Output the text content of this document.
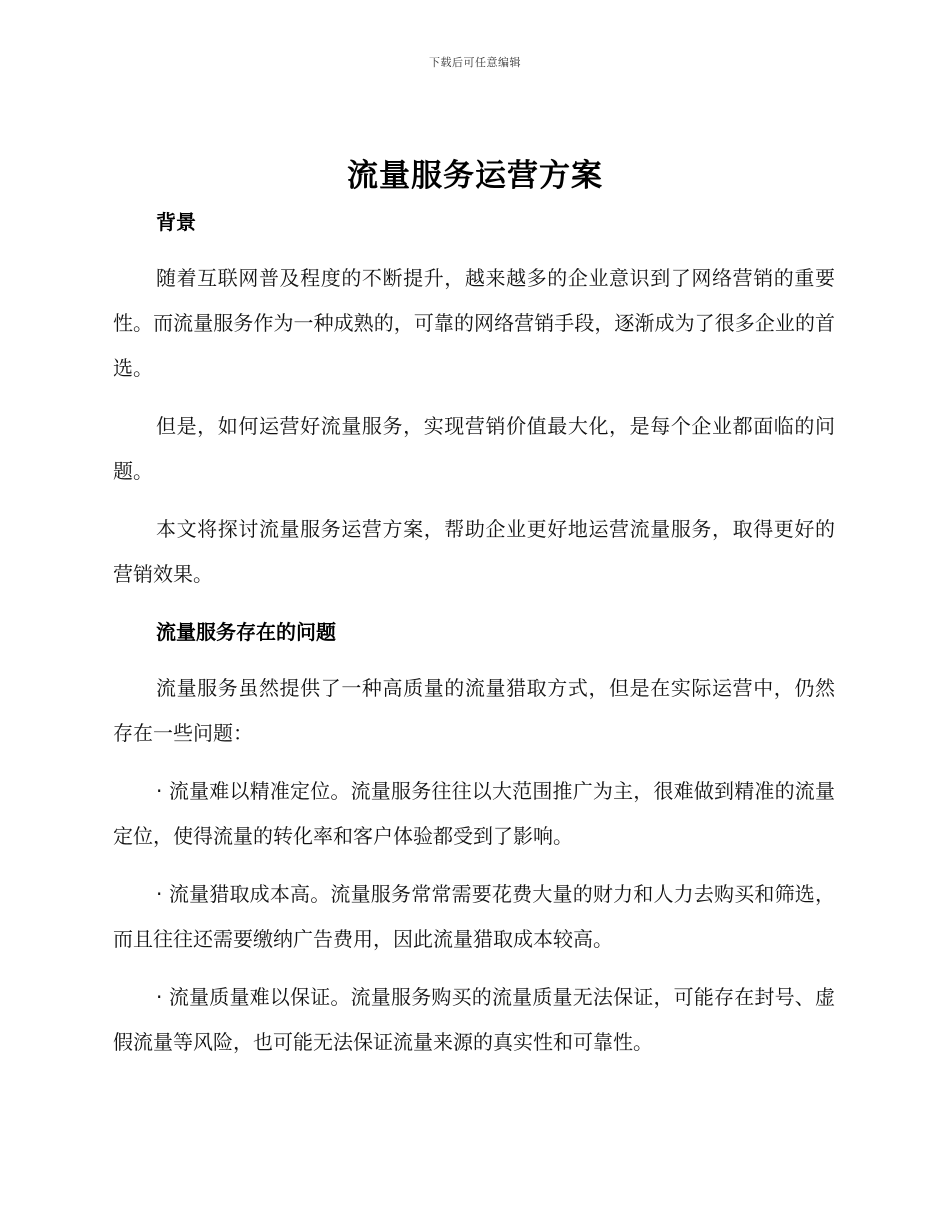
下载后可任意编辑
流量服务运营方案
背景

随着互联网普及程度的不断提升，越来越多的企业意识到了网络营销的重要性。而流量服务作为一种成熟的，可靠的网络营销手段，逐渐成为了很多企业的首选。

但是，如何运营好流量服务，实现营销价值最大化，是每个企业都面临的问题。

本文将探讨流量服务运营方案，帮助企业更好地运营流量服务，取得更好的营销效果。

流量服务存在的问题

流量服务虽然提供了一种高质量的流量猎取方式，但是在实际运营中，仍然存在一些问题：

· 流量难以精准定位。流量服务往往以大范围推广为主，很难做到精准的流量定位，使得流量的转化率和客户体验都受到了影响。

· 流量猎取成本高。流量服务常常需要花费大量的财力和人力去购买和筛选，而且往往还需要缴纳广告费用，因此流量猎取成本较高。

· 流量质量难以保证。流量服务购买的流量质量无法保证，可能存在封号、虚假流量等风险，也可能无法保证流量来源的真实性和可靠性。
